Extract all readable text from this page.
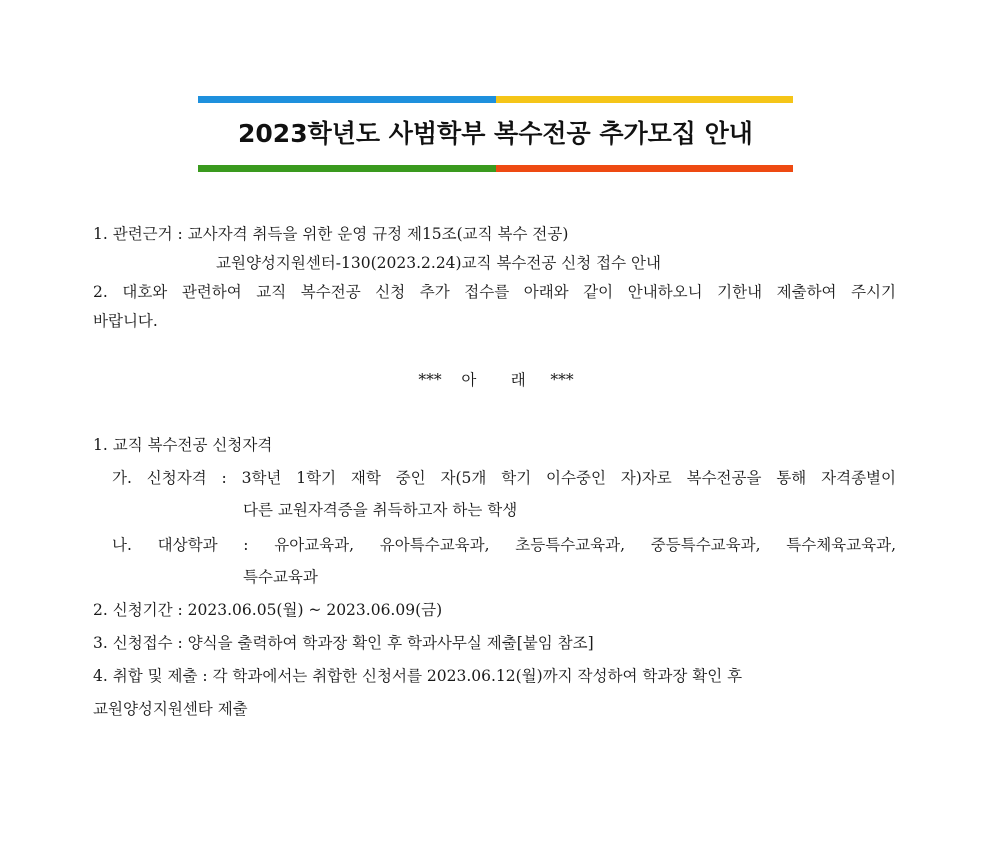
2023학년도 사범학부 복수전공 추가모집 안내
1. 관련근거 : 교사자격 취득을 위한 운영 규정 제15조(교직 복수 전공)
교원양성지원센터-130(2023.2.24)교직 복수전공 신청 접수 안내
2. 대호와 관련하여 교직 복수전공 신청 추가 접수를 아래와 같이 안내하오니 기한내 제출하여 주시기
바랍니다.
***    아       래     ***
1. 교직 복수전공 신청자격
가. 신청자격 : 3학년 1학기 재학 중인 자(5개 학기 이수중인 자)자로 복수전공을 통해 자격종별이
다른 교원자격증을 취득하고자 하는 학생
나. 대상학과 : 유아교육과, 유아특수교육과, 초등특수교육과, 중등특수교육과, 특수체육교육과,
특수교육과
2. 신청기간 : 2023.06.05(월) ~ 2023.06.09(금)
3. 신청접수 : 양식을 출력하여 학과장 확인 후 학과사무실 제출[붙임 참조]
4. 취합 및 제출 : 각 학과에서는 취합한 신청서를 2023.06.12(월)까지 작성하여 학과장 확인 후
교원양성지원센타 제출
